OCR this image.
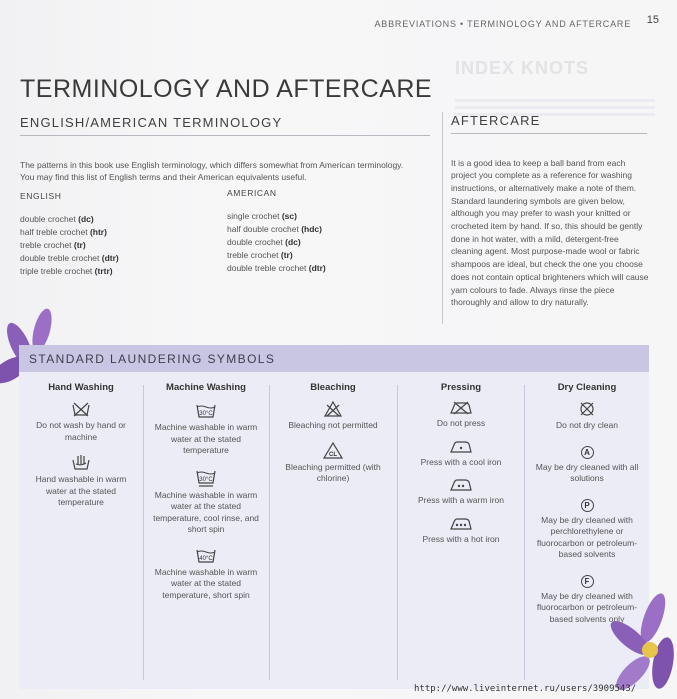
ABBREVIATIONS • TERMINOLOGY AND AFTERCARE 15
INDEX KNOTS
TERMINOLOGY AND AFTERCARE
ENGLISH/AMERICAN TERMINOLOGY	AFTERCARE

The patterns in this book use English terminology, which differs somewhat from American terminology. You may find this list of English terms and their American equivalents useful.

ENGLISH	AMERICAN
double crochet (dc)
half treble crochet (htr)
treble crochet (tr)
double treble crochet (dtr)
triple treble crochet (trtr)
single crochet (sc)
half double crochet (hdc)
double crochet (dc)
treble crochet (tr)
double treble crochet (dtr)

It is a good idea to keep a ball band from each project you complete as a reference for washing instructions, or alternatively make a note of them. Standard laundering symbols are given below, although you may prefer to wash your knitted or crocheted item by hand. If so, this should be gently done in hot water, with a mild, detergent-free cleaning agent. Most purpose-made wool or fabric shampoos are ideal, but check the one you choose does not contain optical brighteners which will cause yarn colours to fade. Always rinse the piece thoroughly and allow to dry naturally.

STANDARD LAUNDERING SYMBOLS
Hand Washing
Do not wash by hand or machine
Hand washable in warm water at the stated temperature
Machine Washing
30°C
Machine washable in warm water at the stated temperature
30°C
Machine washable in warm water at the stated temperature, cool rinse, and short spin
40°C
Machine washable in warm water at the stated temperature, short spin
Bleaching
Bleaching not permitted
CL
Bleaching permitted (with chlorine)
Pressing
Do not press
Press with a cool iron
Press with a warm iron
Press with a hot iron
Dry Cleaning
Do not dry clean
A
May be dry cleaned with all solutions
P
May be dry cleaned with perchlorethylene or fluorocarbon or petroleum-based solvents
F
May be dry cleaned with fluorocarbon or petroleum-based solvents only
http://www.liveinternet.ru/users/3909543/
